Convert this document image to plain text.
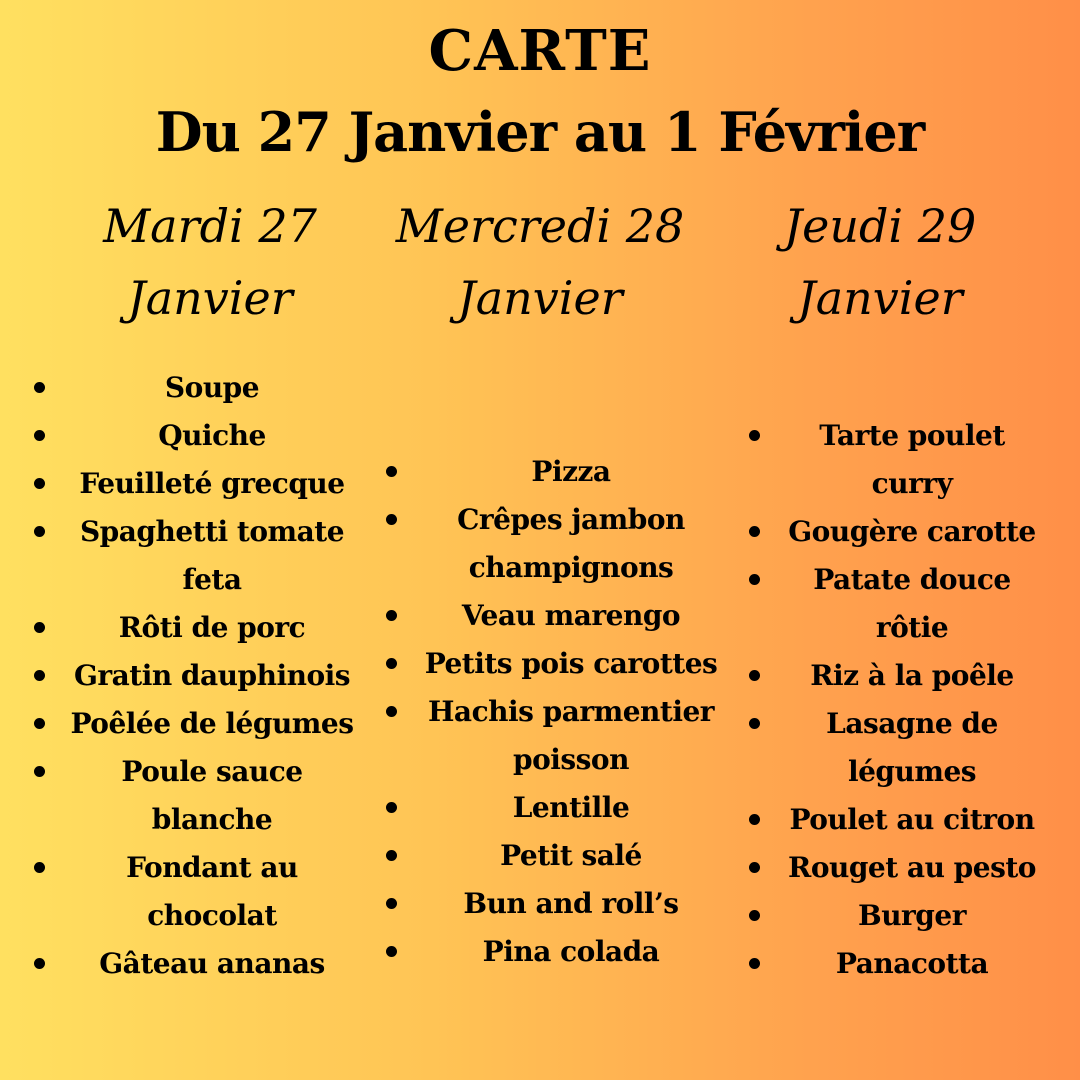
CARTE
Du 27 Janvier au 1 Février
Mardi 27
Janvier
Soupe
Quiche
Feuilleté grecque
Spaghetti tomate feta
Rôti de porc
Gratin dauphinois
Poêlée de légumes
Poule sauce blanche
Fondant au chocolat
Gâteau ananas
Mercredi 28
Janvier
Pizza
Crêpes jambon champignons
Veau marengo
Petits pois carottes
Hachis parmentier poisson
Lentille
Petit salé
Bun and roll’s
Pina colada
Jeudi 29
Janvier
Tarte poulet curry
Gougère carotte
Patate douce rôtie
Riz à la poêle
Lasagne de légumes
Poulet au citron
Rouget au pesto
Burger
Panacotta
